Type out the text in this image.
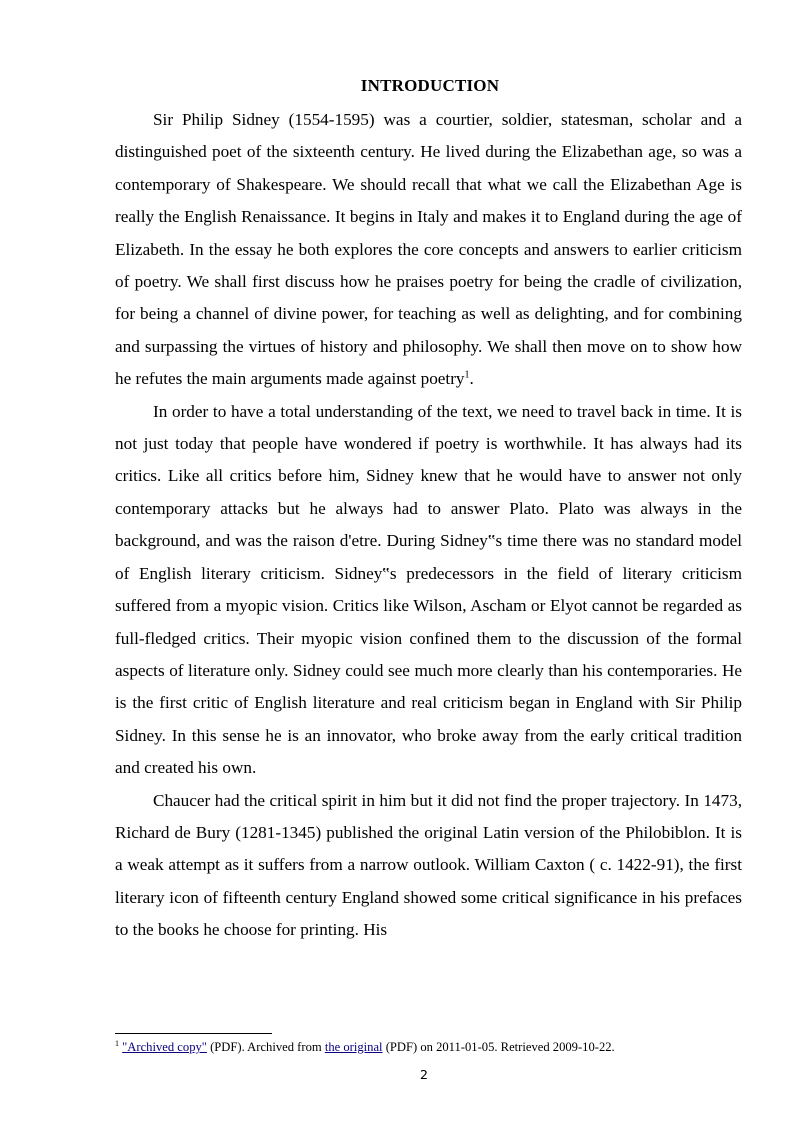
INTRODUCTION

Sir Philip Sidney (1554-1595) was a courtier, soldier, statesman, scholar and a distinguished poet of the sixteenth century. He lived during the Elizabethan age, so was a contemporary of Shakespeare. We should recall that what we call the Elizabethan Age is really the English Renaissance. It begins in Italy and makes it to England during the age of Elizabeth. In the essay he both explores the core concepts and answers to earlier criticism of poetry. We shall first discuss how he praises poetry for being the cradle of civilization, for being a channel of divine power, for teaching as well as delighting, and for combining and surpassing the virtues of history and philosophy. We shall then move on to show how he refutes the main arguments made against poetry$^1$.

In order to have a total understanding of the text, we need to travel back in time. It is not just today that people have wondered if poetry is worthwhile. It has always had its critics. Like all critics before him, Sidney knew that he would have to answer not only contemporary attacks but he always had to answer Plato. Plato was always in the background, and was the raison d'etre. During Sidney‟s time there was no standard model of English literary criticism. Sidney‟s predecessors in the field of literary criticism suffered from a myopic vision. Critics like Wilson, Ascham or Elyot cannot be regarded as full-fledged critics. Their myopic vision confined them to the discussion of the formal aspects of literature only. Sidney could see much more clearly than his contemporaries. He is the first critic of English literature and real criticism began in England with Sir Philip Sidney. In this sense he is an innovator, who broke away from the early critical tradition and created his own.

Chaucer had the critical spirit in him but it did not find the proper trajectory. In 1473, Richard de Bury (1281-1345) published the original Latin version of the Philobiblon. It is a weak attempt as it suffers from a narrow outlook. William Caxton ( c. 1422-91), the first literary icon of fifteenth century England showed some critical significance in his prefaces to the books he choose for printing. His

$^1$ "Archived copy" (PDF). Archived from the original (PDF) on 2011-01-05. Retrieved 2009-10-22.
2
